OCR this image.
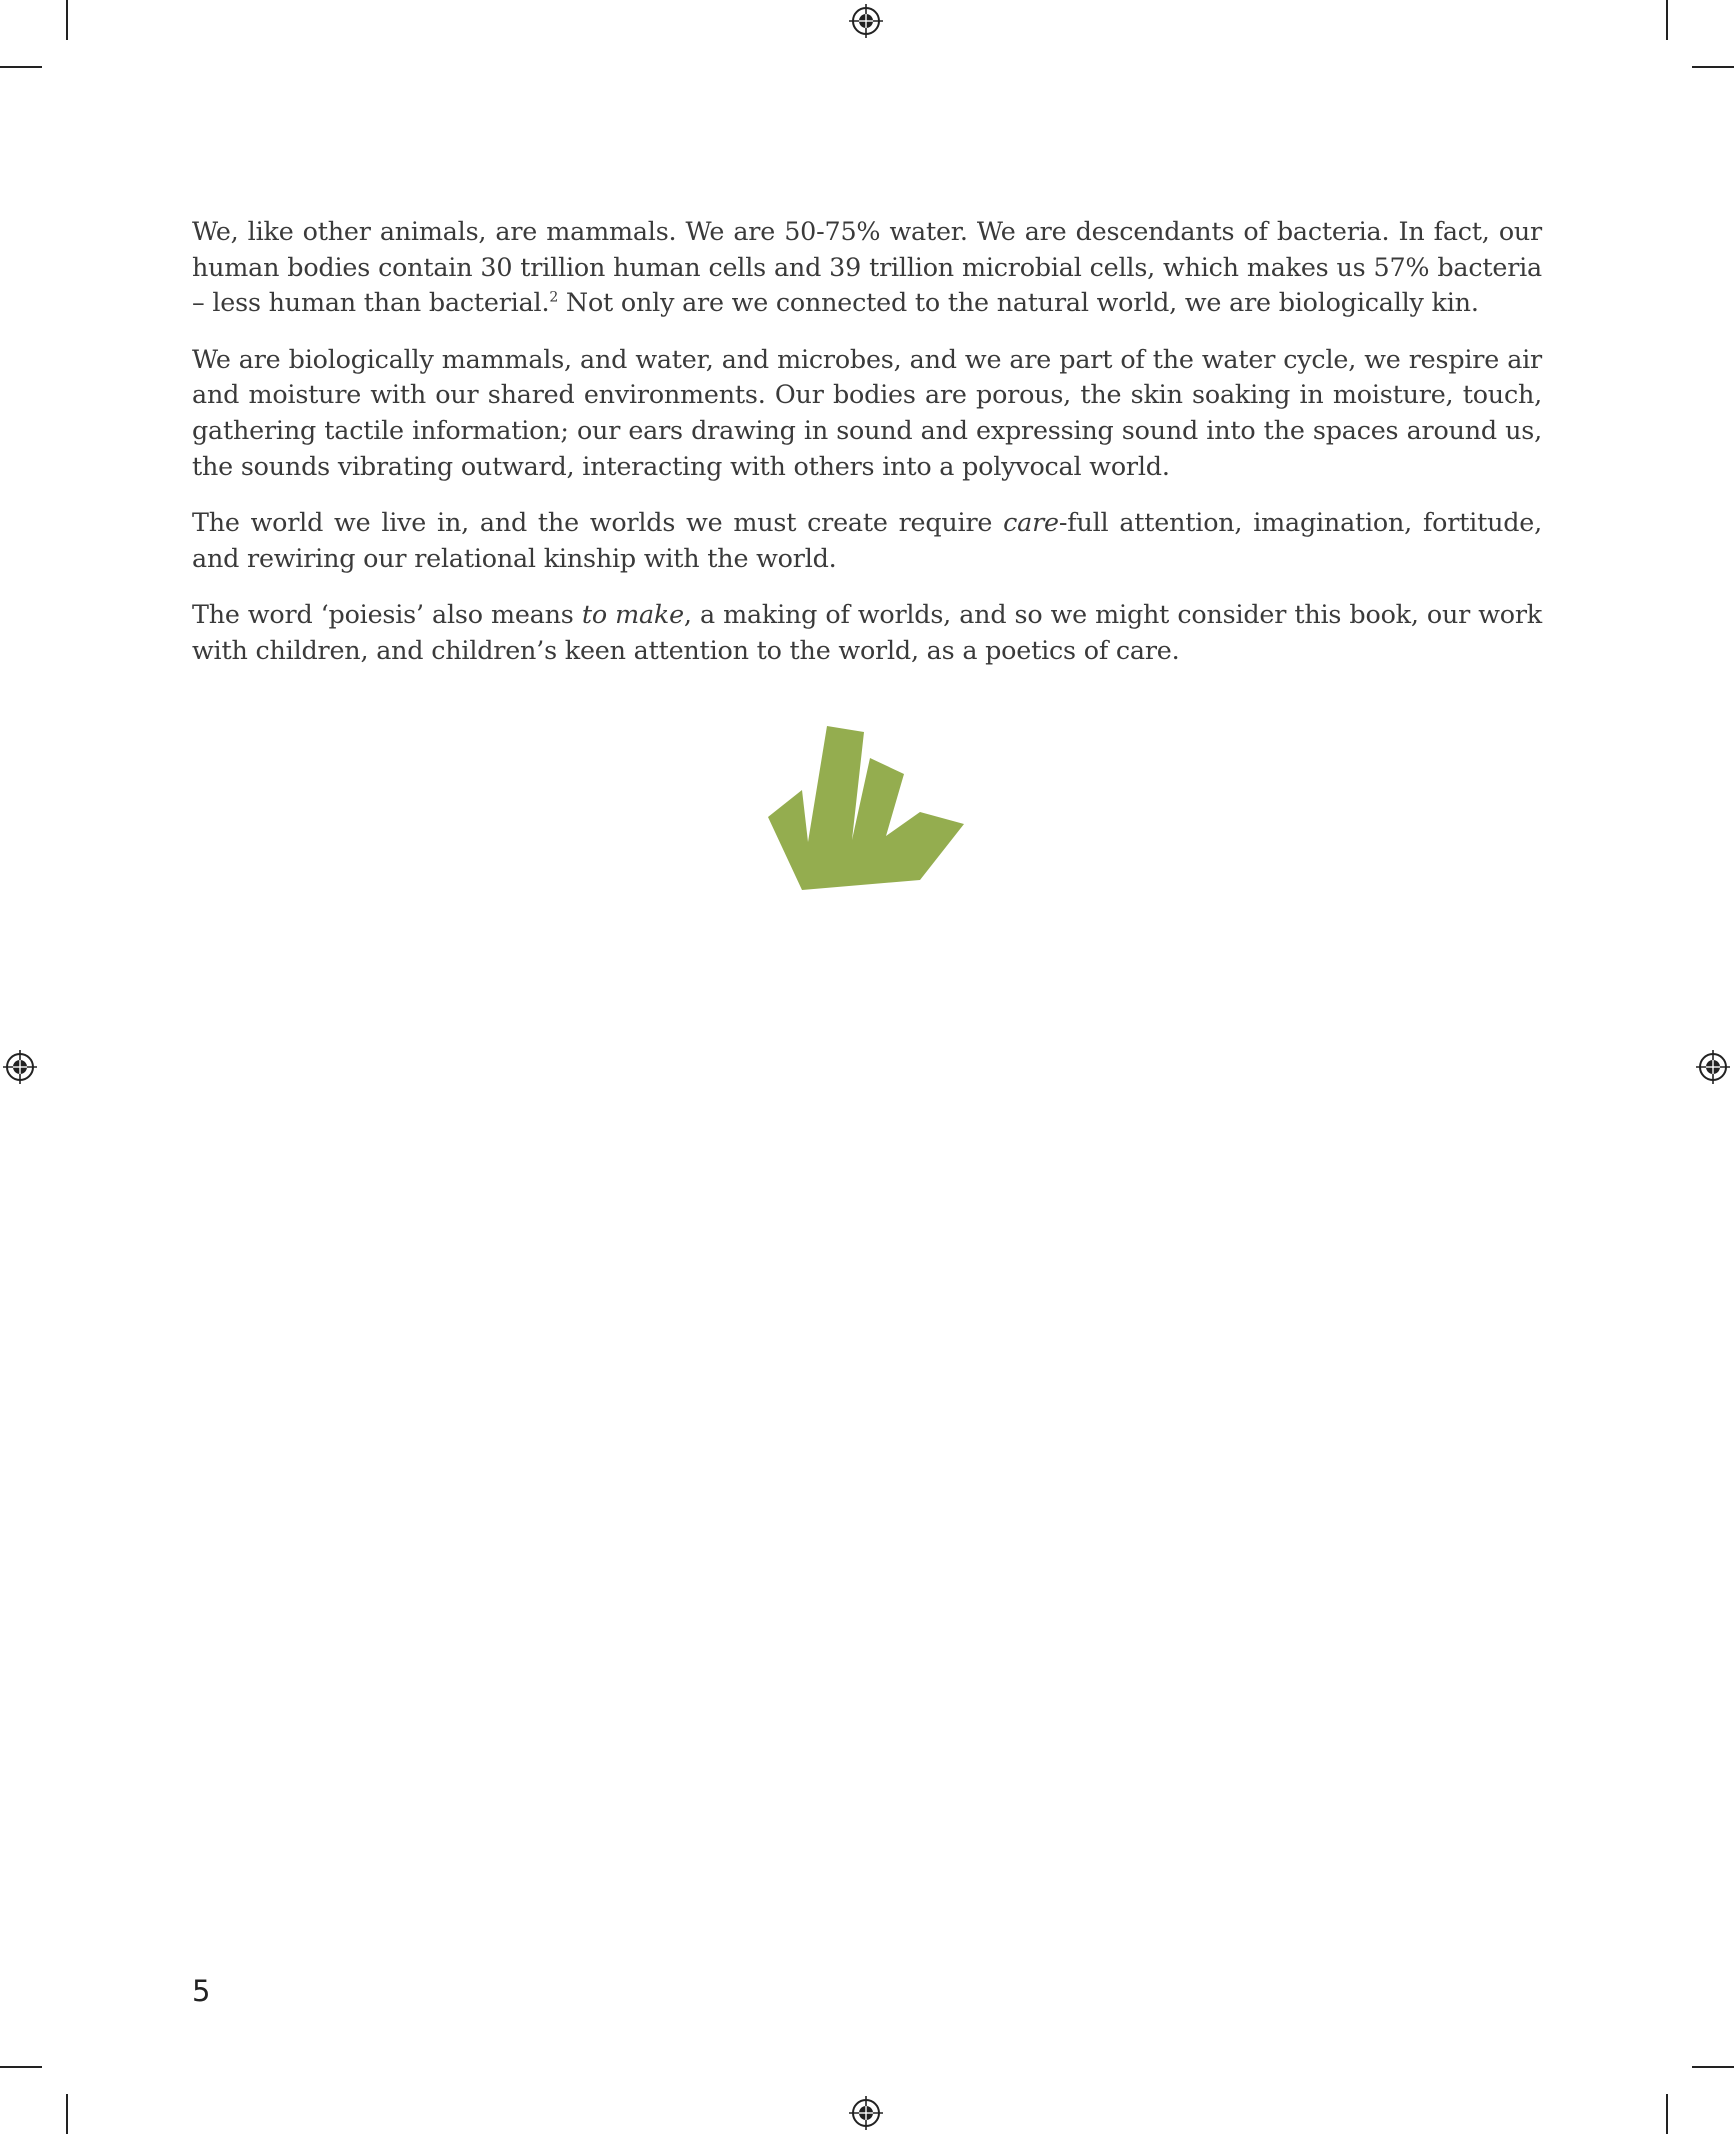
We, like other animals, are mammals. We are 50-75% water. We are descendants of bacteria. In fact, our human bodies contain 30 trillion human cells and 39 trillion microbial cells, which makes us 57% bacteria – less human than bacterial.$^2$ Not only are we connected to the natural world, we are biologically kin.

We are biologically mammals, and water, and microbes, and we are part of the water cycle, we respire air and moisture with our shared environments. Our bodies are porous, the skin soaking in moisture, touch, gathering tactile information; our ears drawing in sound and expressing sound into the spaces around us, the sounds vibrating outward, interacting with others into a polyvocal world.

The world we live in, and the worlds we must create require care-full attention, imagination, fortitude, and rewiring our relational kinship with the world.

The word ‘poiesis’ also means to make, a making of worlds, and so we might consider this book, our work with children, and children’s keen attention to the world, as a poetics of care.

5
